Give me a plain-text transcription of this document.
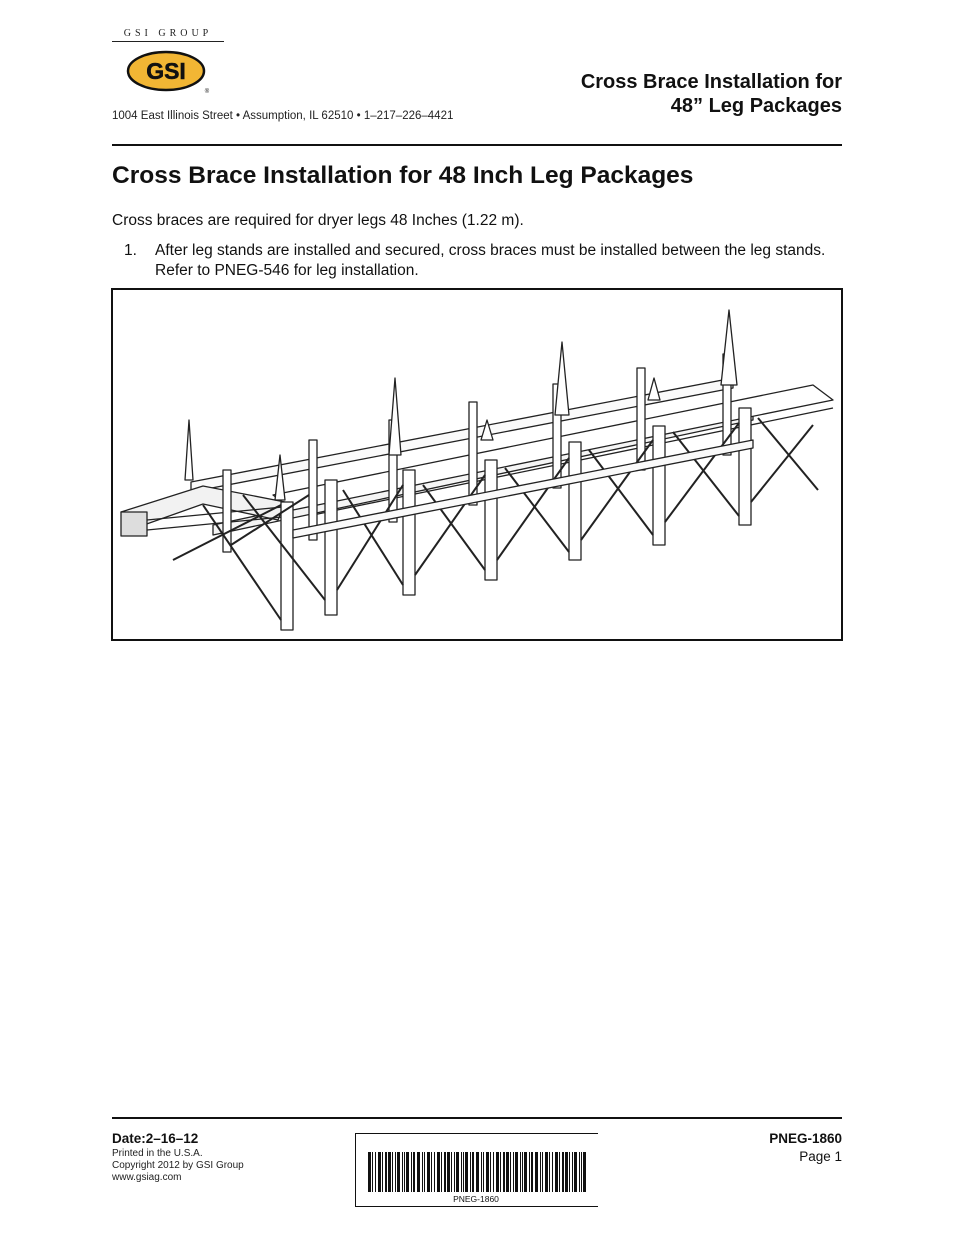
GSI GROUP
GSI
®
1004 East Illinois Street • Assumption, IL 62510 • 1–217–226–4421
Cross Brace Installation for
48” Leg Packages
Cross Brace Installation for 48 Inch Leg Packages
Cross braces are required for dryer legs 48 Inches (1.22 m).
1. After leg stands are installed and secured, cross braces must be installed between the leg stands. Refer to PNEG-546 for leg installation.
Date:2–16–12
Printed in the U.S.A.
Copyright 2012 by GSI Group
www.gsiag.com
PNEG-1860
PNEG-1860
Page 1
